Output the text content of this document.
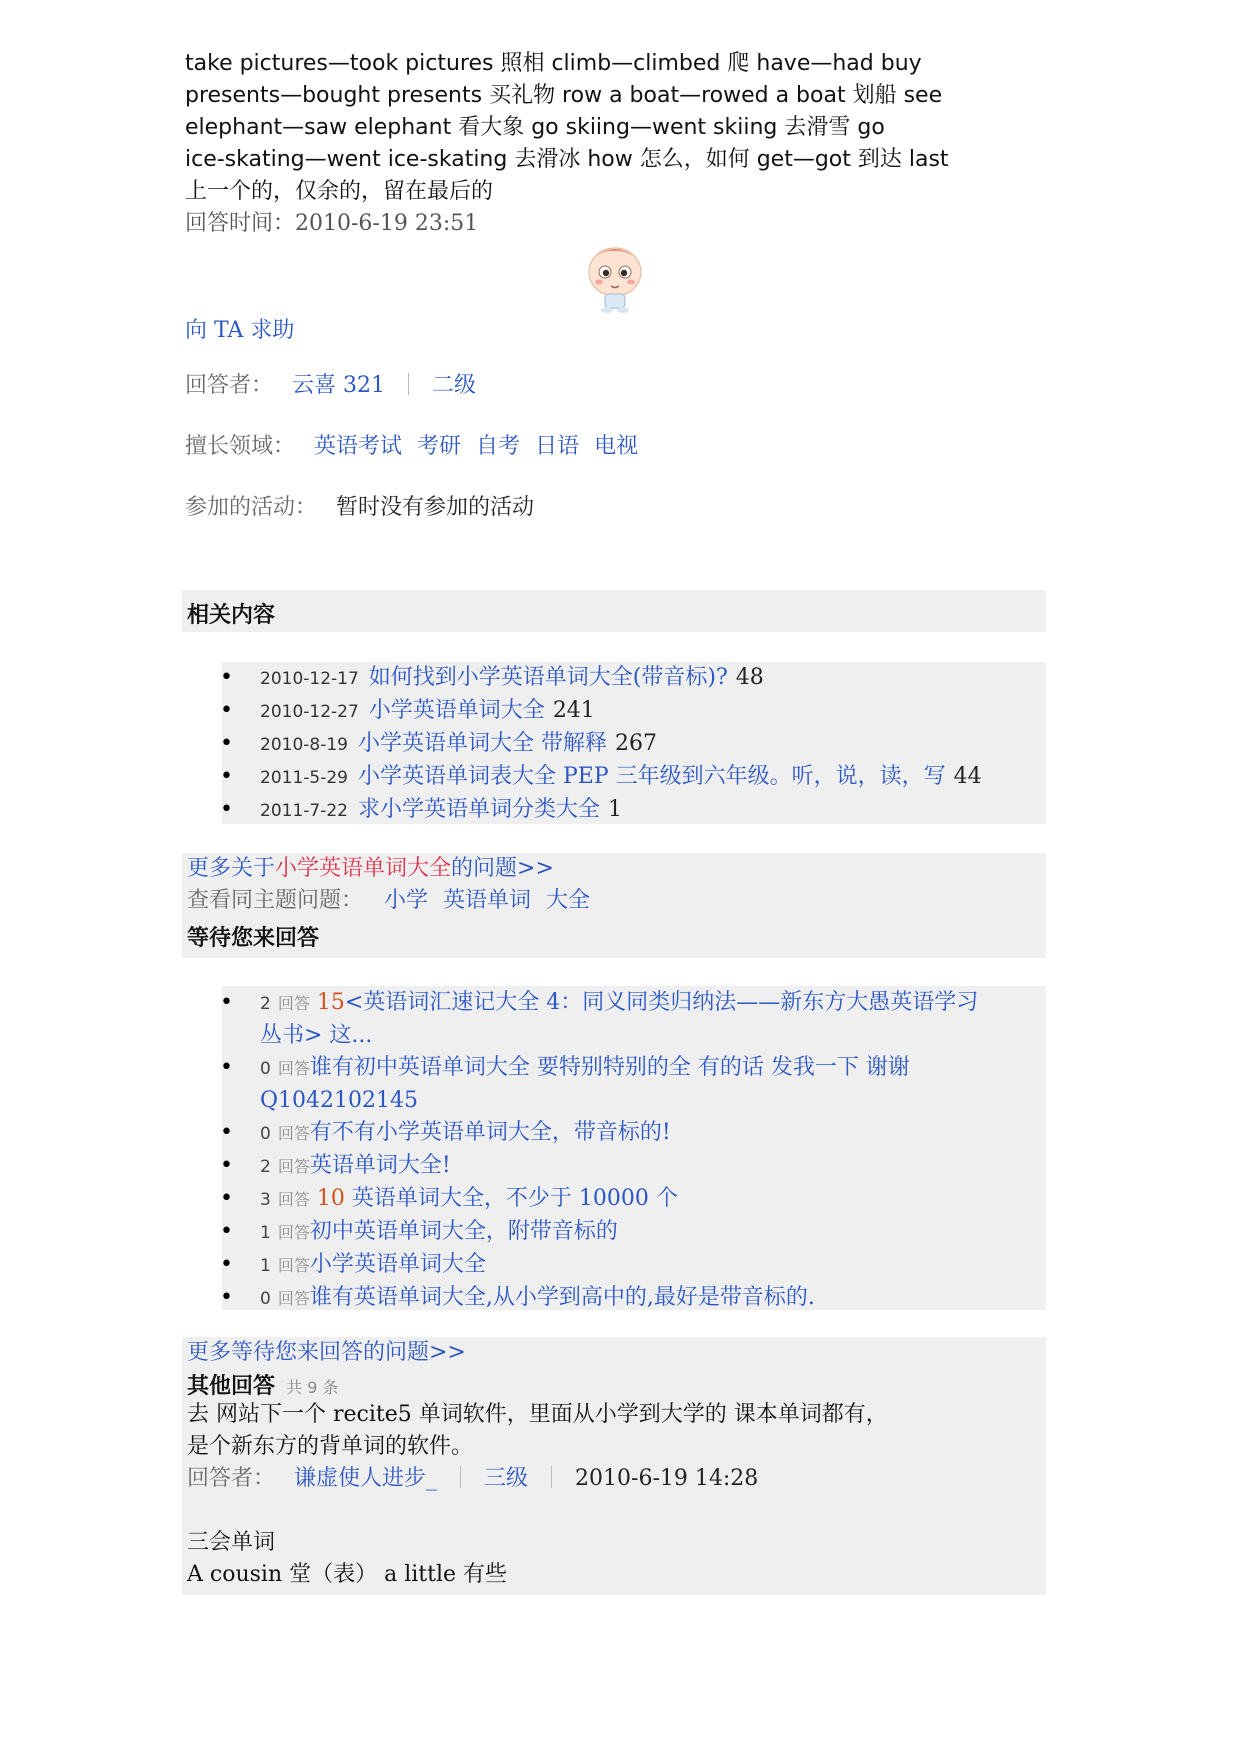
take pictures—took pictures 照相 climb—climbed 爬 have—had buy
presents—bought presents 买礼物 row a boat—rowed a boat 划船 see
elephant—saw elephant 看大象 go skiing—went skiing 去滑雪 go
ice-skating—went ice-skating 去滑冰 how 怎么，如何 get—got 到达 last
上一个的，仅余的，留在最后的
回答时间：2010-6-19 23:51
向 TA 求助
回答者： 云喜 321 二级
擅长领域： 英语考试 考研 自考 日语 电视
参加的活动： 暂时没有参加的活动
相关内容
• 2010-12-17 如何找到小学英语单词大全(带音标)? 48
• 2010-12-27 小学英语单词大全 241
• 2010-8-19 小学英语单词大全 带解释 267
• 2011-5-29 小学英语单词表大全 PEP 三年级到六年级。听，说，读，写 44
• 2011-7-22 求小学英语单词分类大全 1
更多关于小学英语单词大全的问题>>
查看同主题问题： 小学 英语单词 大全
等待您来回答
• 2 回答 15<英语词汇速记大全 4：同义同类归纳法——新东方大愚英语学习
丛书> 这...
• 0 回答谁有初中英语单词大全 要特别特别的全 有的话 发我一下 谢谢
Q1042102145
• 0 回答有不有小学英语单词大全，带音标的!
• 2 回答英语单词大全!
• 3 回答 10 英语单词大全，不少于 10000 个
• 1 回答初中英语单词大全，附带音标的
• 1 回答小学英语单词大全
• 0 回答谁有英语单词大全,从小学到高中的,最好是带音标的.
更多等待您来回答的问题>>
其他回答 共 9 条
去 网站下一个 recite5 单词软件，里面从小学到大学的 课本单词都有，
是个新东方的背单词的软件。
回答者： 谦虚使人进步_ 三级 2010-6-19 14:28
三会单词
A cousin 堂（表） a little 有些
